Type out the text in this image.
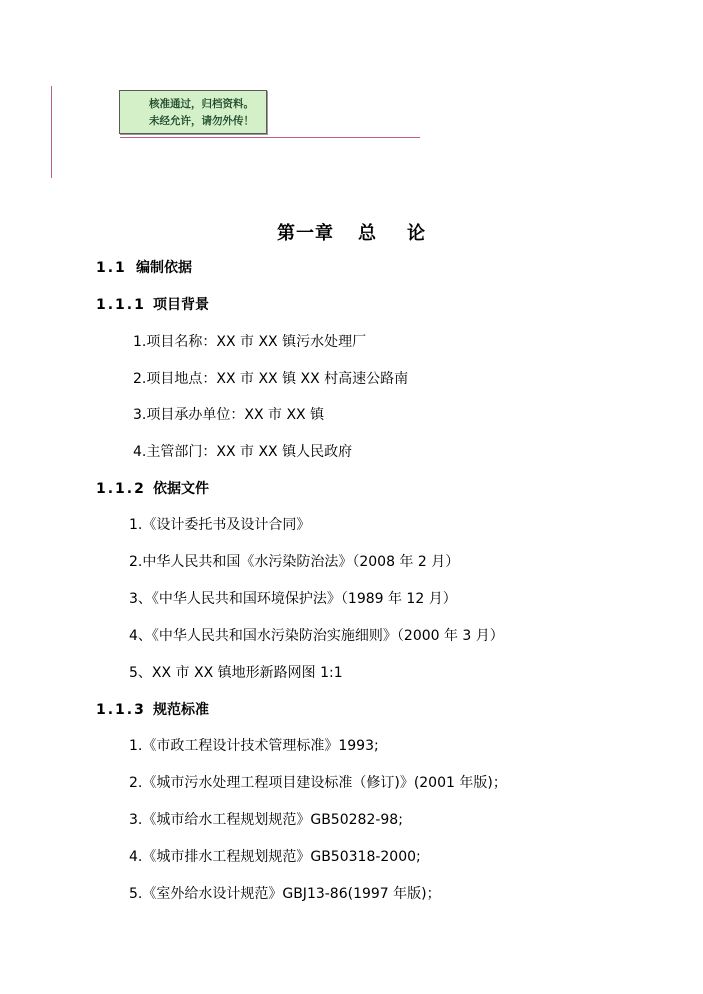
核准通过，归档资料。
未经允许，请勿外传！
第一章 总 论
1.1 编制依据
1.1.1 项目背景
1.项目名称：XX 市 XX 镇污水处理厂
2.项目地点：XX 市 XX 镇 XX 村高速公路南
3.项目承办单位：XX 市 XX 镇
4.主管部门：XX 市 XX 镇人民政府
1.1.2 依据文件
1.《设计委托书及设计合同》
2.中华人民共和国《水污染防治法》（2008 年 2 月）
3、《中华人民共和国环境保护法》（1989 年 12 月）
4、《中华人民共和国水污染防治实施细则》（2000 年 3 月）
5、XX 市 XX 镇地形新路网图 1:1
1.1.3 规范标准
1.《市政工程设计技术管理标准》1993;
2.《城市污水处理工程项目建设标准（修订)》(2001 年版)；
3.《城市给水工程规划规范》GB50282-98;
4.《城市排水工程规划规范》GB50318-2000;
5.《室外给水设计规范》GBJ13-86(1997 年版)；
